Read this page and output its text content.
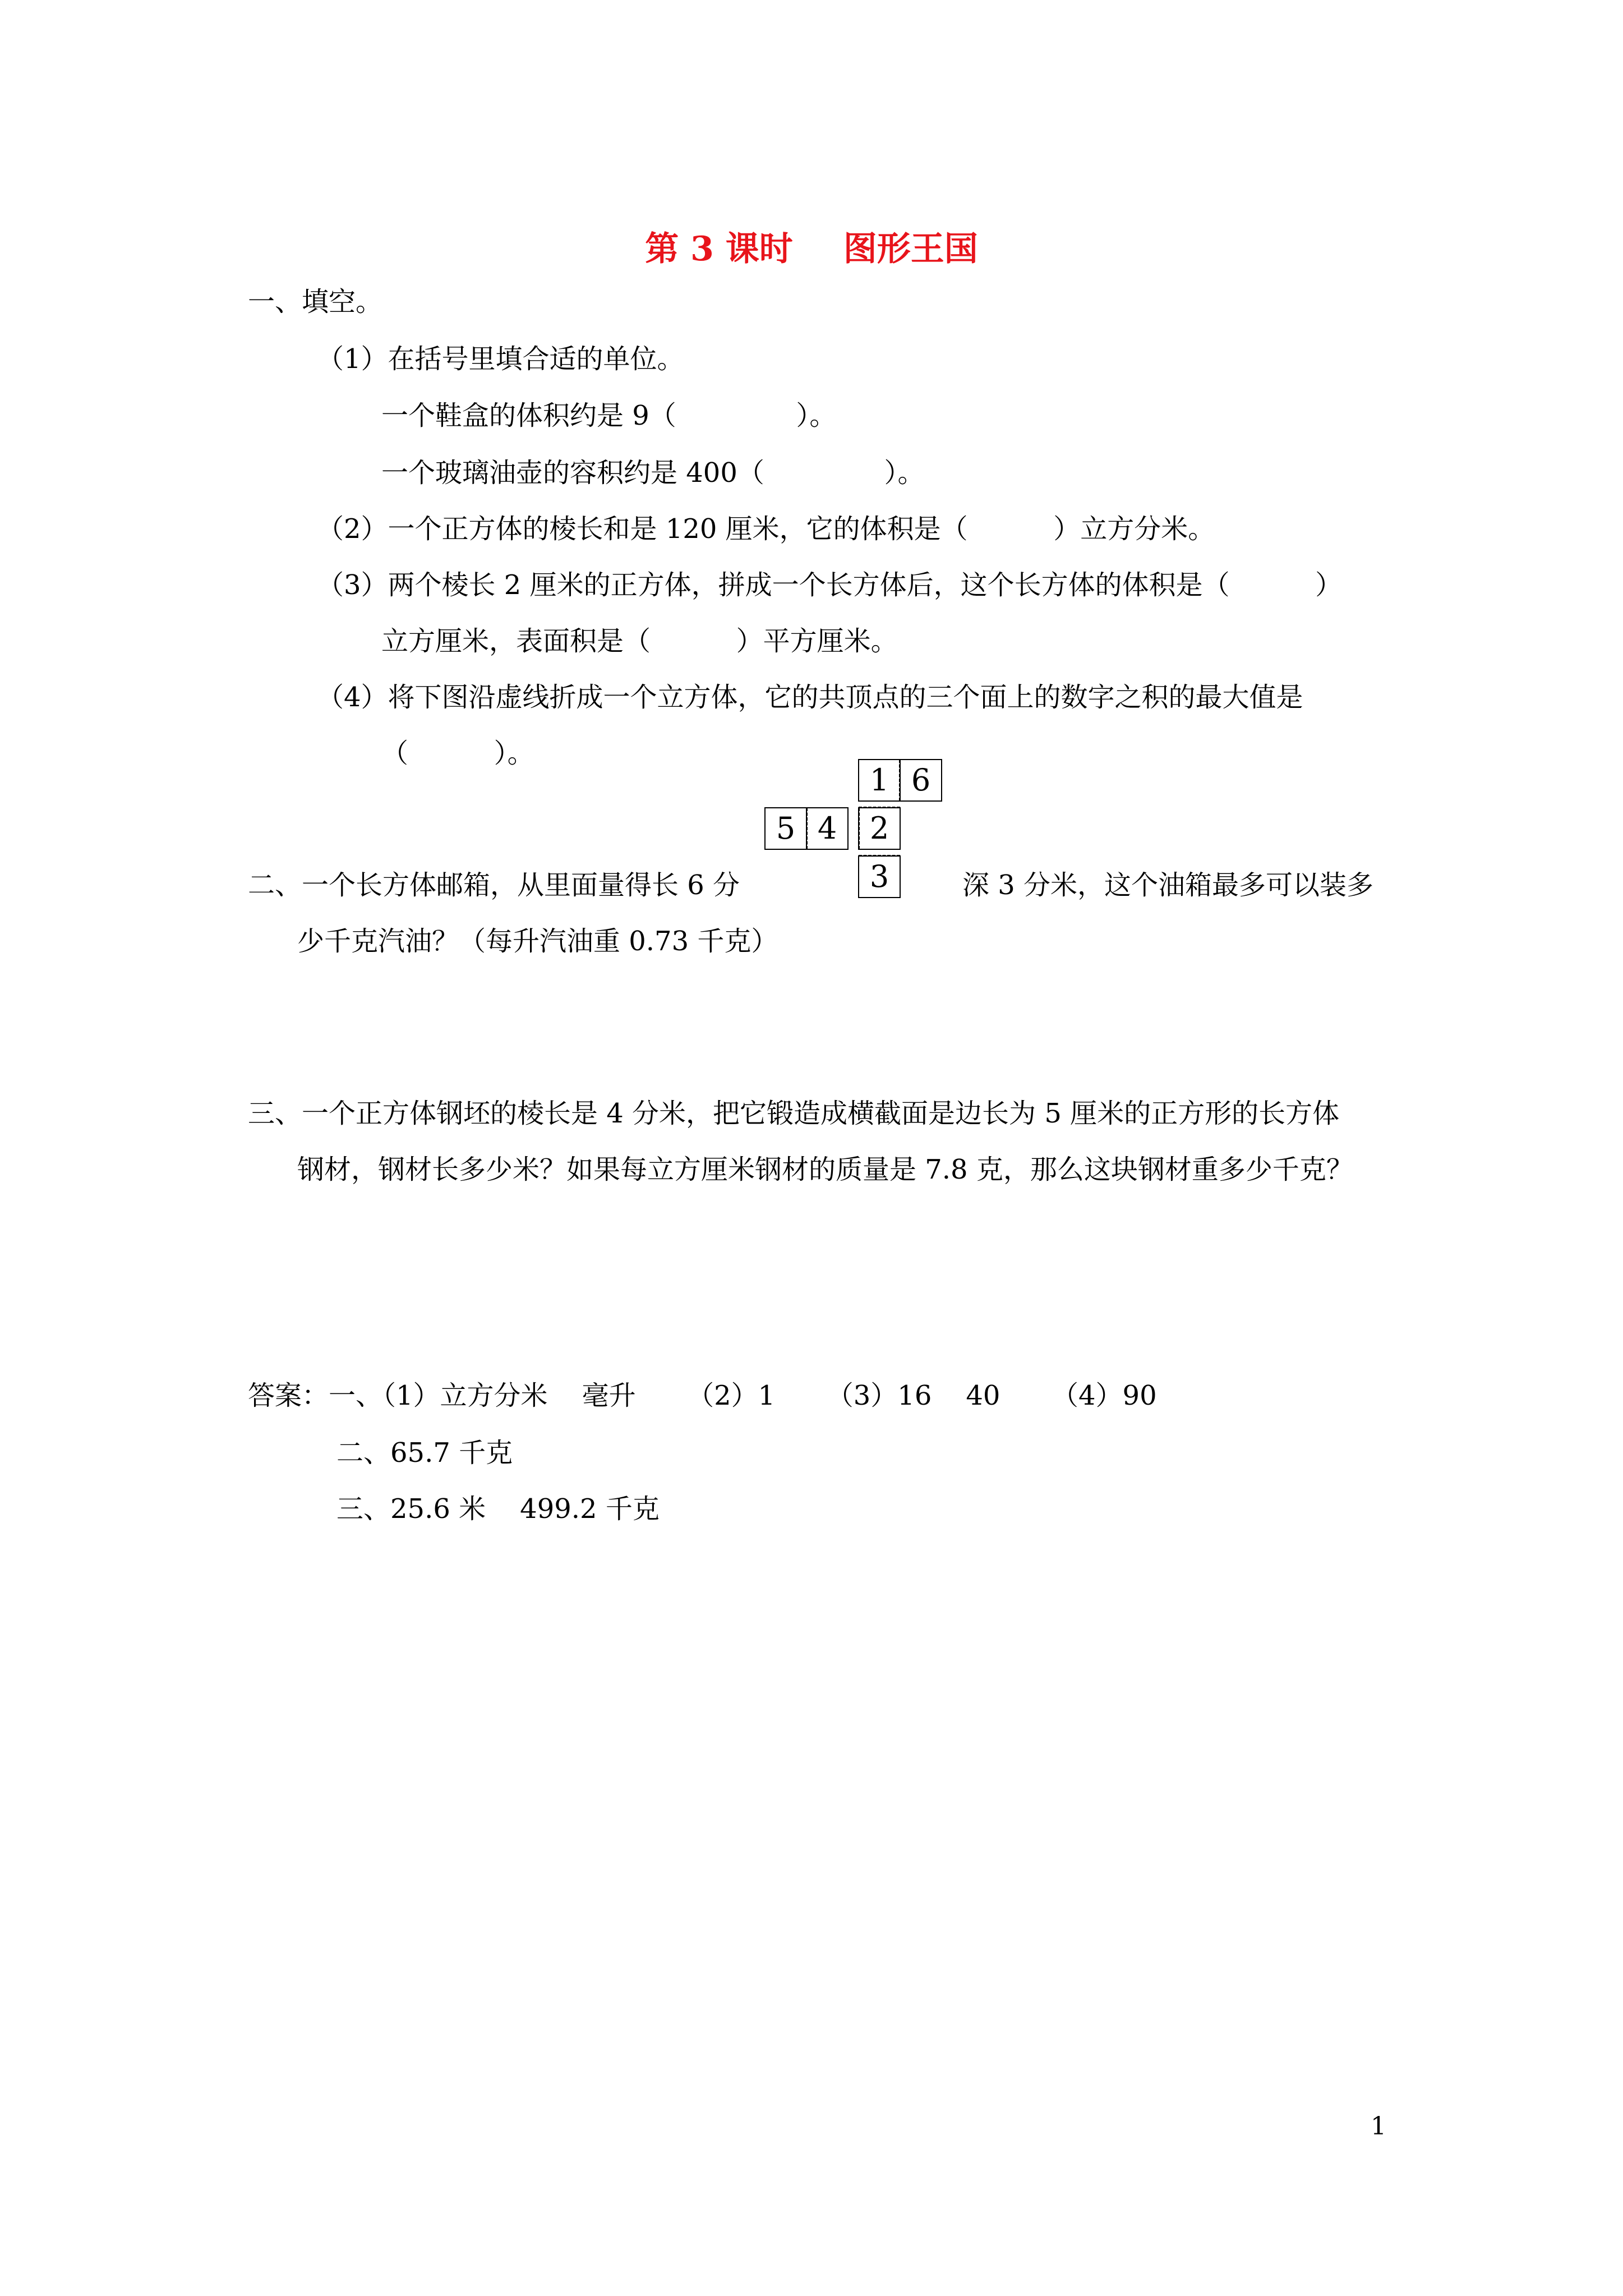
第 3 课时 图形王国
一、填空。
（1）在括号里填合适的单位。
一个鞋盒的体积约是 9（              ）。
一个玻璃油壶的容积约是 400（              ）。
（2）一个正方体的棱长和是 120 厘米，它的体积是（          ）立方分米。
（3）两个棱长 2 厘米的正方体，拼成一个长方体后，这个长方体的体积是（          ）
立方厘米，表面积是（          ）平方厘米。
（4）将下图沿虚线折成一个立方体，它的共顶点的三个面上的数字之积的最大值是
（          ）。
1 6
5 4	2
3
二、一个长方体邮箱，从里面量得长 6 分	深 3 分米，这个油箱最多可以装多
少千克汽油？（每升汽油重 0.73 千克）
三、一个正方体钢坯的棱长是 4 分米，把它锻造成横截面是边长为 5 厘米的正方形的长方体
钢材，钢材长多少米？如果每立方厘米钢材的质量是 7.8 克，那么这块钢材重多少千克？
答案：一、（1）立方分米    毫升      （2）1      （3）16    40      （4）90
二、65.7 千克
三、25.6 米    499.2 千克
1
